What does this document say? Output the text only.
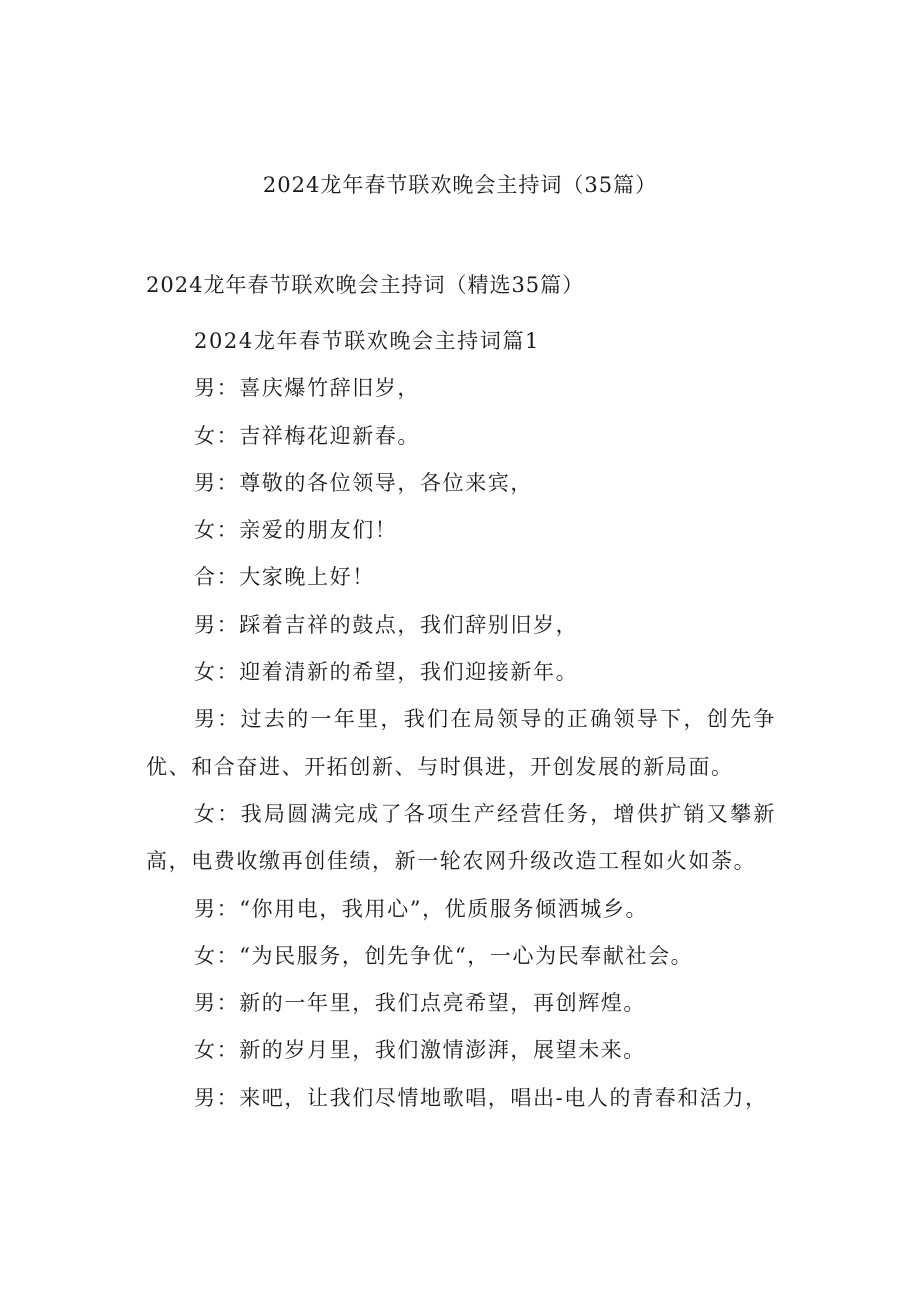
2024龙年春节联欢晚会主持词（35篇）
2024龙年春节联欢晚会主持词（精选35篇）

2024龙年春节联欢晚会主持词篇1

男：喜庆爆竹辞旧岁，

女：吉祥梅花迎新春。

男：尊敬的各位领导，各位来宾，

女：亲爱的朋友们！

合：大家晚上好！

男：踩着吉祥的鼓点，我们辞别旧岁，

女：迎着清新的希望，我们迎接新年。

男：过去的一年里，我们在局领导的正确领导下，创先争优、和合奋进、开拓创新、与时俱进，开创发展的新局面。

女：我局圆满完成了各项生产经营任务，增供扩销又攀新高，电费收缴再创佳绩，新一轮农网升级改造工程如火如荼。

男：“你用电，我用心”，优质服务倾洒城乡。

女：“为民服务，创先争优“，一心为民奉献社会。

男：新的一年里，我们点亮希望，再创辉煌。

女：新的岁月里，我们激情澎湃，展望未来。

男：来吧，让我们尽情地歌唱，唱出-电人的青春和活力，
